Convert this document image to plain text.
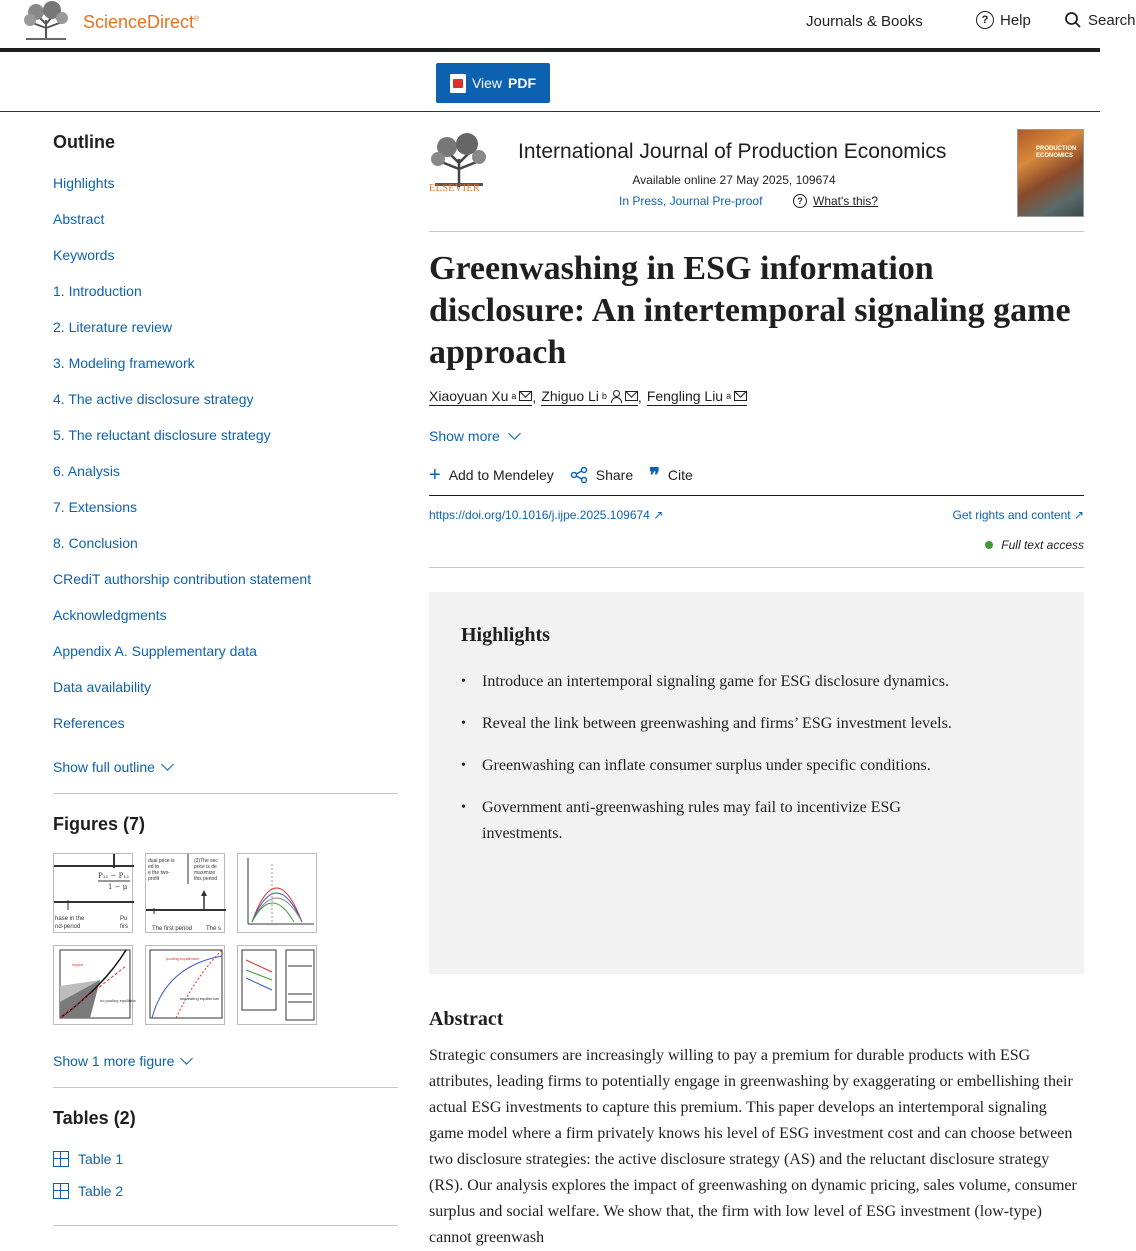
ScienceDirect®	Journals & Books	? Help	Search
View PDF
Outline
Highlights
Abstract
Keywords
1. Introduction
2. Literature review
3. Modeling framework
4. The active disclosure strategy
5. The reluctant disclosure strategy
6. Analysis
7. Extensions
8. Conclusion
CRediT authorship contribution statement
Acknowledgments
Appendix A. Supplementary data
Data availability
References
Show full outline
Figures (7)
P₁₁ − P₁₂
1 − μ
hase in the
nd-period
Pu
firs
dual price is
ed to
e the two-
profit
(3)The sec
price is de
maximize
this period
The first period The s
no pooling equilibria
region
pooling equilibrium
separating equilibrium
Show 1 more figure
Tables (2)
Table 1
Table 2
ELSEVIER
International Journal of Production Economics
Available online 27 May 2025, 109674
In Press, Journal Pre-proof	? What's this?
PRODUCTION ECONOMICS
Greenwashing in ESG information disclosure: An intertemporal signaling game approach
Xiaoyuan Xu a , Zhiguo Li b , Fengling Liu a
Show more
+ Add to Mendeley	Share ❞ Cite
https://doi.org/10.1016/j.ijpe.2025.109674 ↗	Get rights and content ↗
Full text access
Highlights
• Introduce an intertemporal signaling game for ESG disclosure dynamics.
• Reveal the link between greenwashing and firms’ ESG investment levels.
• Greenwashing can inflate consumer surplus under specific conditions.
• Government anti-greenwashing rules may fail to incentivize ESG investments.
Abstract

Strategic consumers are increasingly willing to pay a premium for durable products with ESG attributes, leading firms to potentially engage in greenwashing by exaggerating or embellishing their actual ESG investments to capture this premium. This paper develops an intertemporal signaling game model where a firm privately knows his level of ESG investment cost and can choose between two disclosure strategies: the active disclosure strategy (AS) and the reluctant disclosure strategy (RS). Our analysis explores the impact of greenwashing on dynamic pricing, sales volume, consumer surplus and social welfare. We show that, the firm with low level of ESG investment (low-type) cannot greenwash
